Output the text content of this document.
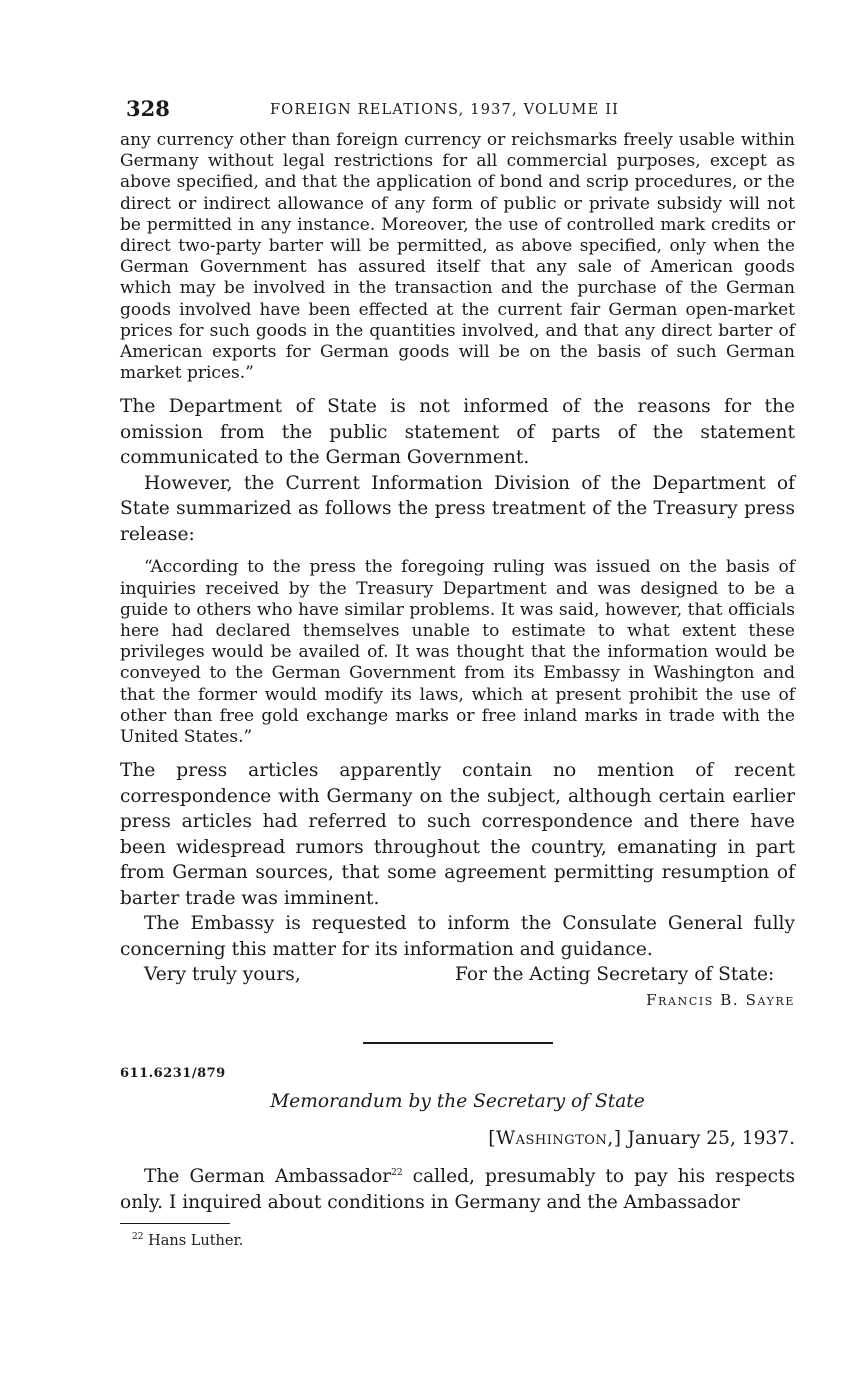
328	FOREIGN RELATIONS, 1937, VOLUME II

any currency other than foreign currency or reichsmarks freely usable within Germany without legal restrictions for all commercial purposes, except as above specified, and that the application of bond and scrip procedures, or the direct or indirect allowance of any form of public or private subsidy will not be permitted in any instance. Moreover, the use of controlled mark credits or direct two-party barter will be permitted, as above specified, only when the German Government has assured itself that any sale of American goods which may be involved in the transaction and the purchase of the German goods involved have been effected at the current fair German open-market prices for such goods in the quantities involved, and that any direct barter of American exports for German goods will be on the basis of such German market prices.”

The Department of State is not informed of the reasons for the omission from the public statement of parts of the statement communicated to the German Government.

However, the Current Information Division of the Department of State summarized as follows the press treatment of the Treasury press release:

“According to the press the foregoing ruling was issued on the basis of inquiries received by the Treasury Department and was designed to be a guide to others who have similar problems. It was said, however, that officials here had declared themselves unable to estimate to what extent these privileges would be availed of. It was thought that the information would be conveyed to the German Government from its Embassy in Washington and that the former would modify its laws, which at present prohibit the use of other than free gold exchange marks or free inland marks in trade with the United States.”

The press articles apparently contain no mention of recent correspondence with Germany on the subject, although certain earlier press articles had referred to such correspondence and there have been widespread rumors throughout the country, emanating in part from German sources, that some agreement permitting resumption of barter trade was imminent.

The Embassy is requested to inform the Consulate General fully concerning this matter for its information and guidance.

Very truly yours,	For the Acting Secretary of State:
Francis B. Sayre
611.6231/879
Memorandum by the Secretary of State
[Washington,] January 25, 1937.

The German Ambassador$^{22}$ called, presumably to pay his respects only. I inquired about conditions in Germany and the Ambassador

$^{22}$ Hans Luther.
